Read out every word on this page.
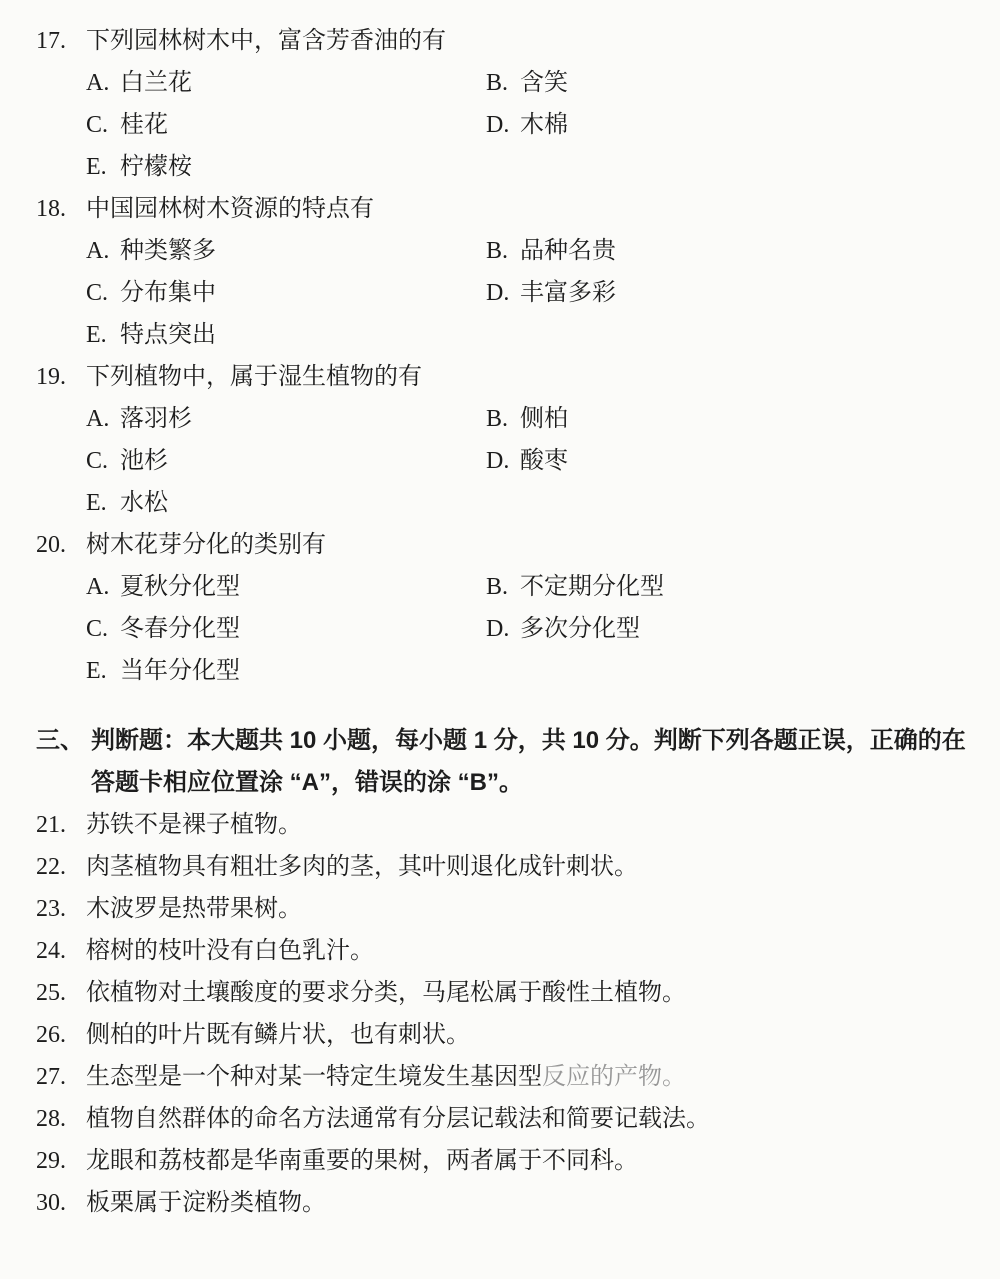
17. 下列园林树木中，富含芳香油的有
A. 白兰花	B. 含笑
C. 桂花	D. 木棉
E. 柠檬桉
18. 中国园林树木资源的特点有
A. 种类繁多	B. 品种名贵
C. 分布集中	D. 丰富多彩
E. 特点突出
19. 下列植物中，属于湿生植物的有
A. 落羽杉	B. 侧柏
C. 池杉	D. 酸枣
E. 水松
20. 树木花芽分化的类别有
A. 夏秋分化型	B. 不定期分化型
C. 冬春分化型	D. 多次分化型
E. 当年分化型
三、 判断题：本大题共 10 小题，每小题 1 分，共 10 分。判断下列各题正误，正确的在
答题卡相应位置涂 “A”，错误的涂 “B”。
21. 苏铁不是裸子植物。
22. 肉茎植物具有粗壮多肉的茎，其叶则退化成针刺状。
23. 木波罗是热带果树。
24. 榕树的枝叶没有白色乳汁。
25. 依植物对土壤酸度的要求分类，马尾松属于酸性土植物。
26. 侧柏的叶片既有鳞片状，也有刺状。
27. 生态型是一个种对某一特定生境发生基因型反应的产物。
28. 植物自然群体的命名方法通常有分层记载法和简要记载法。
29. 龙眼和荔枝都是华南重要的果树，两者属于不同科。
30. 板栗属于淀粉类植物。
